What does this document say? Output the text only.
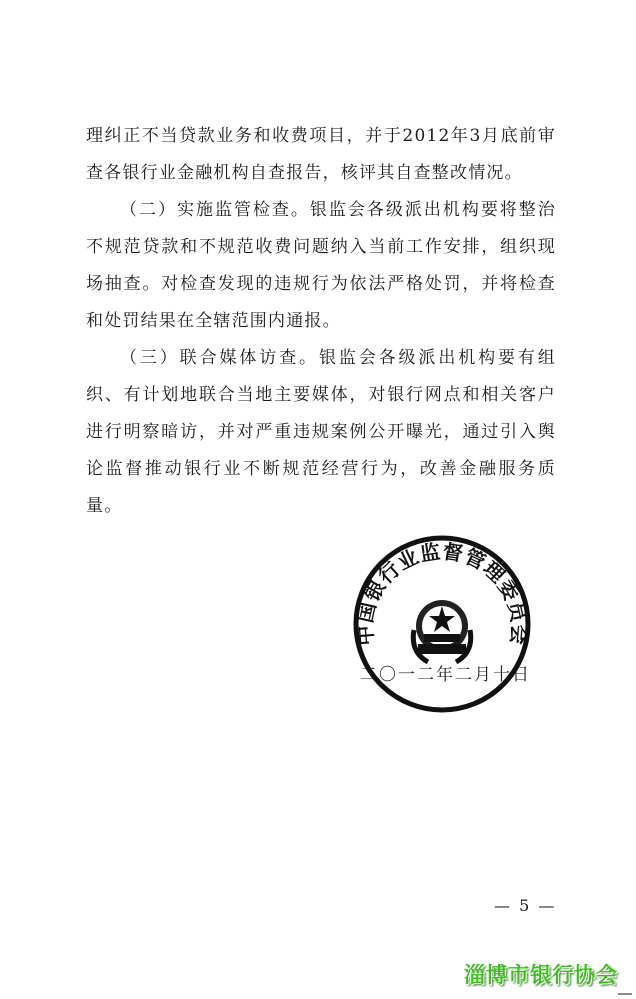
理纠正不当贷款业务和收费项目，并于2012年3月底前审查各银行业金融机构自查报告，核评其自查整改情况。

（二）实施监管检查。银监会各级派出机构要将整治不规范贷款和不规范收费问题纳入当前工作安排，组织现场抽查。对检查发现的违规行为依法严格处罚，并将检查和处罚结果在全辖范围内通报。

（三）联合媒体访查。银监会各级派出机构要有组织、有计划地联合当地主要媒体，对银行网点和相关客户进行明察暗访，并对严重违规案例公开曝光，通过引入舆论监督推动银行业不断规范经营行为，改善金融服务质量。

二〇一二年二月十日
中国银行业监督管理委员会
— 5 —
淄博市银行协会
